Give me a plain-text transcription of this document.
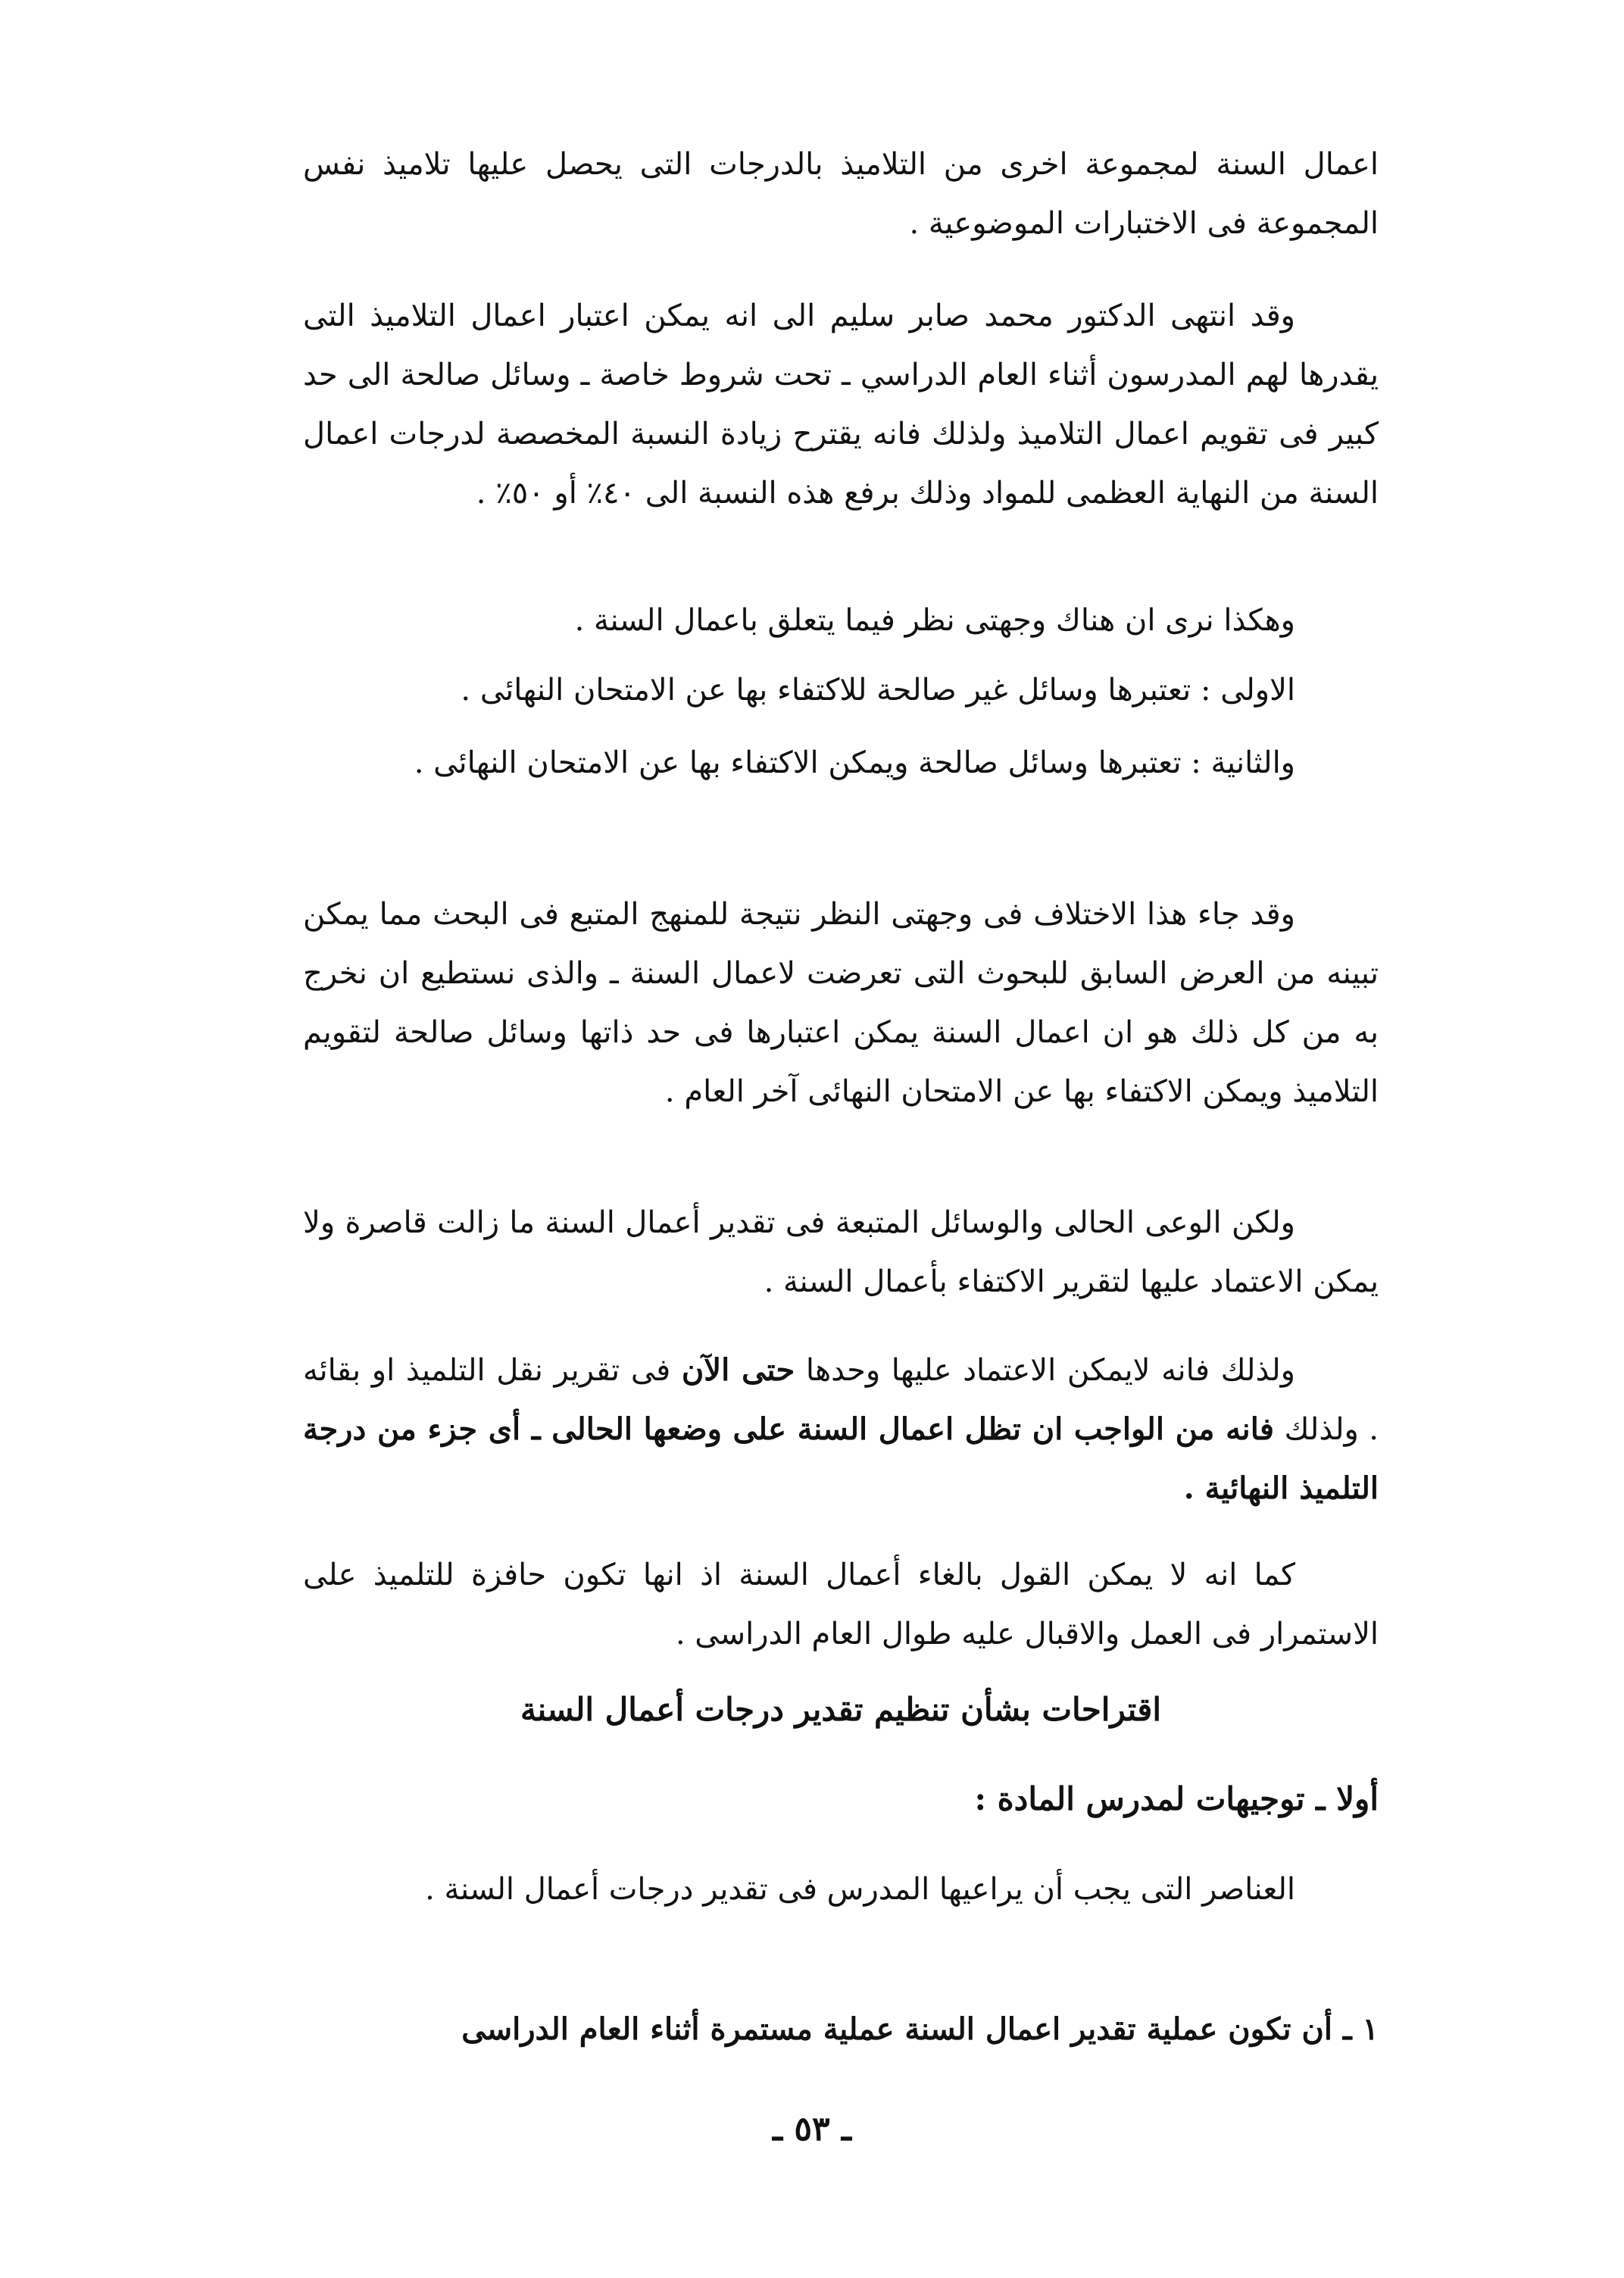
اعمال السنة لمجموعة اخرى من التلاميذ بالدرجات التى يحصل عليها تلاميذ نفس المجموعة فى الاختبارات الموضوعية .

وقد انتهى الدكتور محمد صابر سليم الى انه يمكن اعتبار اعمال التلاميذ التى يقدرها لهم المدرسون أثناء العام الدراسي ـ تحت شروط خاصة ـ وسائل صالحة الى حد كبير فى تقويم اعمال التلاميذ ولذلك فانه يقترح زيادة النسبة المخصصة لدرجات اعمال السنة من النهاية العظمى للمواد وذلك برفع هذه النسبة الى ٤٠٪ أو ٥٠٪ .

وهكذا نرى ان هناك وجهتى نظر فيما يتعلق باعمال السنة .

الاولى : تعتبرها وسائل غير صالحة للاكتفاء بها عن الامتحان النهائى .

والثانية : تعتبرها وسائل صالحة ويمكن الاكتفاء بها عن الامتحان النهائى .

وقد جاء هذا الاختلاف فى وجهتى النظر نتيجة للمنهج المتبع فى البحث مما يمكن تبينه من العرض السابق للبحوث التى تعرضت لاعمال السنة ـ والذى نستطيع ان نخرج به من كل ذلك هو ان اعمال السنة يمكن اعتبارها فى حد ذاتها وسائل صالحة لتقويم التلاميذ ويمكن الاكتفاء بها عن الامتحان النهائى آخر العام .

ولكن الوعى الحالى والوسائل المتبعة فى تقدير أعمال السنة ما زالت قاصرة ولا يمكن الاعتماد عليها لتقرير الاكتفاء بأعمال السنة .

ولذلك فانه لايمكن الاعتماد عليها وحدها حتى الآن فى تقرير نقل التلميذ او بقائه . ولذلك فانه من الواجب ان تظل اعمال السنة على وضعها الحالى ـ أى جزء من درجة التلميذ النهائية .

كما انه لا يمكن القول بالغاء أعمال السنة اذ انها تكون حافزة للتلميذ على الاستمرار فى العمل والاقبال عليه طوال العام الدراسى .

اقتراحات بشأن تنظيم تقدير درجات أعمال السنة

أولا ـ توجيهات لمدرس المادة :

العناصر التى يجب أن يراعيها المدرس فى تقدير درجات أعمال السنة .

١ ـ أن تكون عملية تقدير اعمال السنة عملية مستمرة أثناء العام الدراسى

ـ ٥٣ ـ
